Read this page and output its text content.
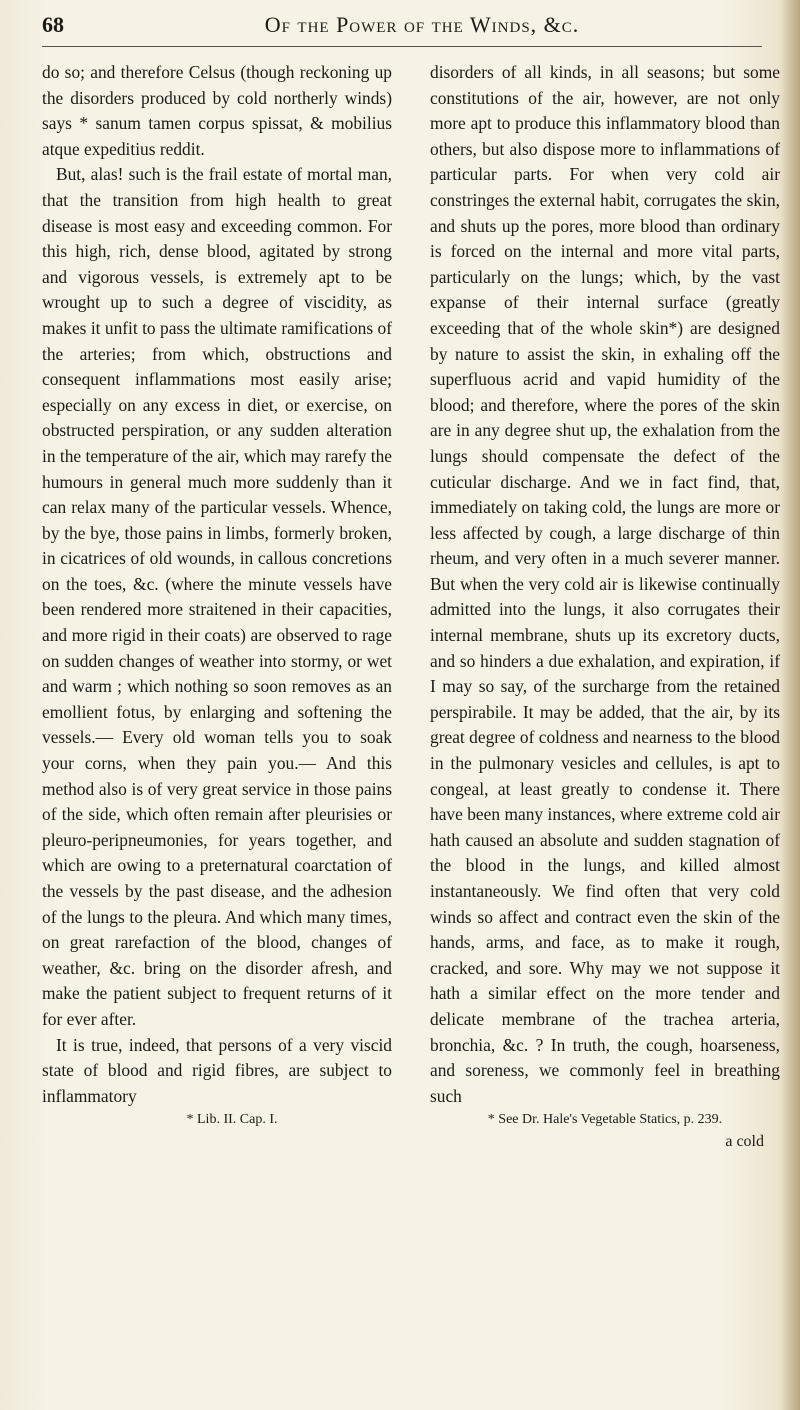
68	Of the Power of the Winds, &c.

do so; and therefore Celsus (though reckoning up the disorders produced by cold northerly winds) says * sanum tamen corpus spissat, & mobilius atque expeditius reddit.

But, alas! such is the frail estate of mortal man, that the transition from high health to great disease is most easy and exceeding common. For this high, rich, dense blood, agitated by strong and vigorous vessels, is extremely apt to be wrought up to such a degree of viscidity, as makes it unfit to pass the ultimate ramifications of the arteries; from which, obstructions and consequent inflammations most easily arise; especially on any excess in diet, or exercise, on obstructed perspiration, or any sudden alteration in the temperature of the air, which may rarefy the humours in general much more suddenly than it can relax many of the particular vessels. Whence, by the bye, those pains in limbs, formerly broken, in cicatrices of old wounds, in callous concretions on the toes, &c. (where the minute vessels have been rendered more straitened in their capacities, and more rigid in their coats) are observed to rage on sudden changes of weather into stormy, or wet and warm ; which nothing so soon removes as an emollient fotus, by enlarging and softening the vessels.— Every old woman tells you to soak your corns, when they pain you.— And this method also is of very great service in those pains of the side, which often remain after pleurisies or pleuro-peripneumonies, for years together, and which are owing to a preternatural coarctation of the vessels by the past disease, and the adhesion of the lungs to the pleura. And which many times, on great rarefaction of the blood, changes of weather, &c. bring on the disorder afresh, and make the patient subject to frequent returns of it for ever after.

It is true, indeed, that persons of a very viscid state of blood and rigid fibres, are subject to inflammatory

* Lib. II. Cap. I.

disorders of all kinds, in all seasons; but some constitutions of the air, however, are not only more apt to produce this inflammatory blood than others, but also dispose more to inflammations of particular parts. For when very cold air constringes the external habit, corrugates the skin, and shuts up the pores, more blood than ordinary is forced on the internal and more vital parts, particularly on the lungs; which, by the vast expanse of their internal surface (greatly exceeding that of the whole skin*) are designed by nature to assist the skin, in exhaling off the superfluous acrid and vapid humidity of the blood; and therefore, where the pores of the skin are in any degree shut up, the exhalation from the lungs should compensate the defect of the cuticular discharge. And we in fact find, that, immediately on taking cold, the lungs are more or less affected by cough, a large discharge of thin rheum, and very often in a much severer manner. But when the very cold air is likewise continually admitted into the lungs, it also corrugates their internal membrane, shuts up its excretory ducts, and so hinders a due exhalation, and expiration, if I may so say, of the surcharge from the retained perspirabile. It may be added, that the air, by its great degree of coldness and nearness to the blood in the pulmonary vesicles and cellules, is apt to congeal, at least greatly to condense it. There have been many instances, where extreme cold air hath caused an absolute and sudden stagnation of the blood in the lungs, and killed almost instantaneously. We find often that very cold winds so affect and contract even the skin of the hands, arms, and face, as to make it rough, cracked, and sore. Why may we not suppose it hath a similar effect on the more tender and delicate membrane of the trachea arteria, bronchia, &c. ? In truth, the cough, hoarseness, and soreness, we commonly feel in breathing such

* See Dr. Hale's Vegetable Statics, p. 239.
a cold
